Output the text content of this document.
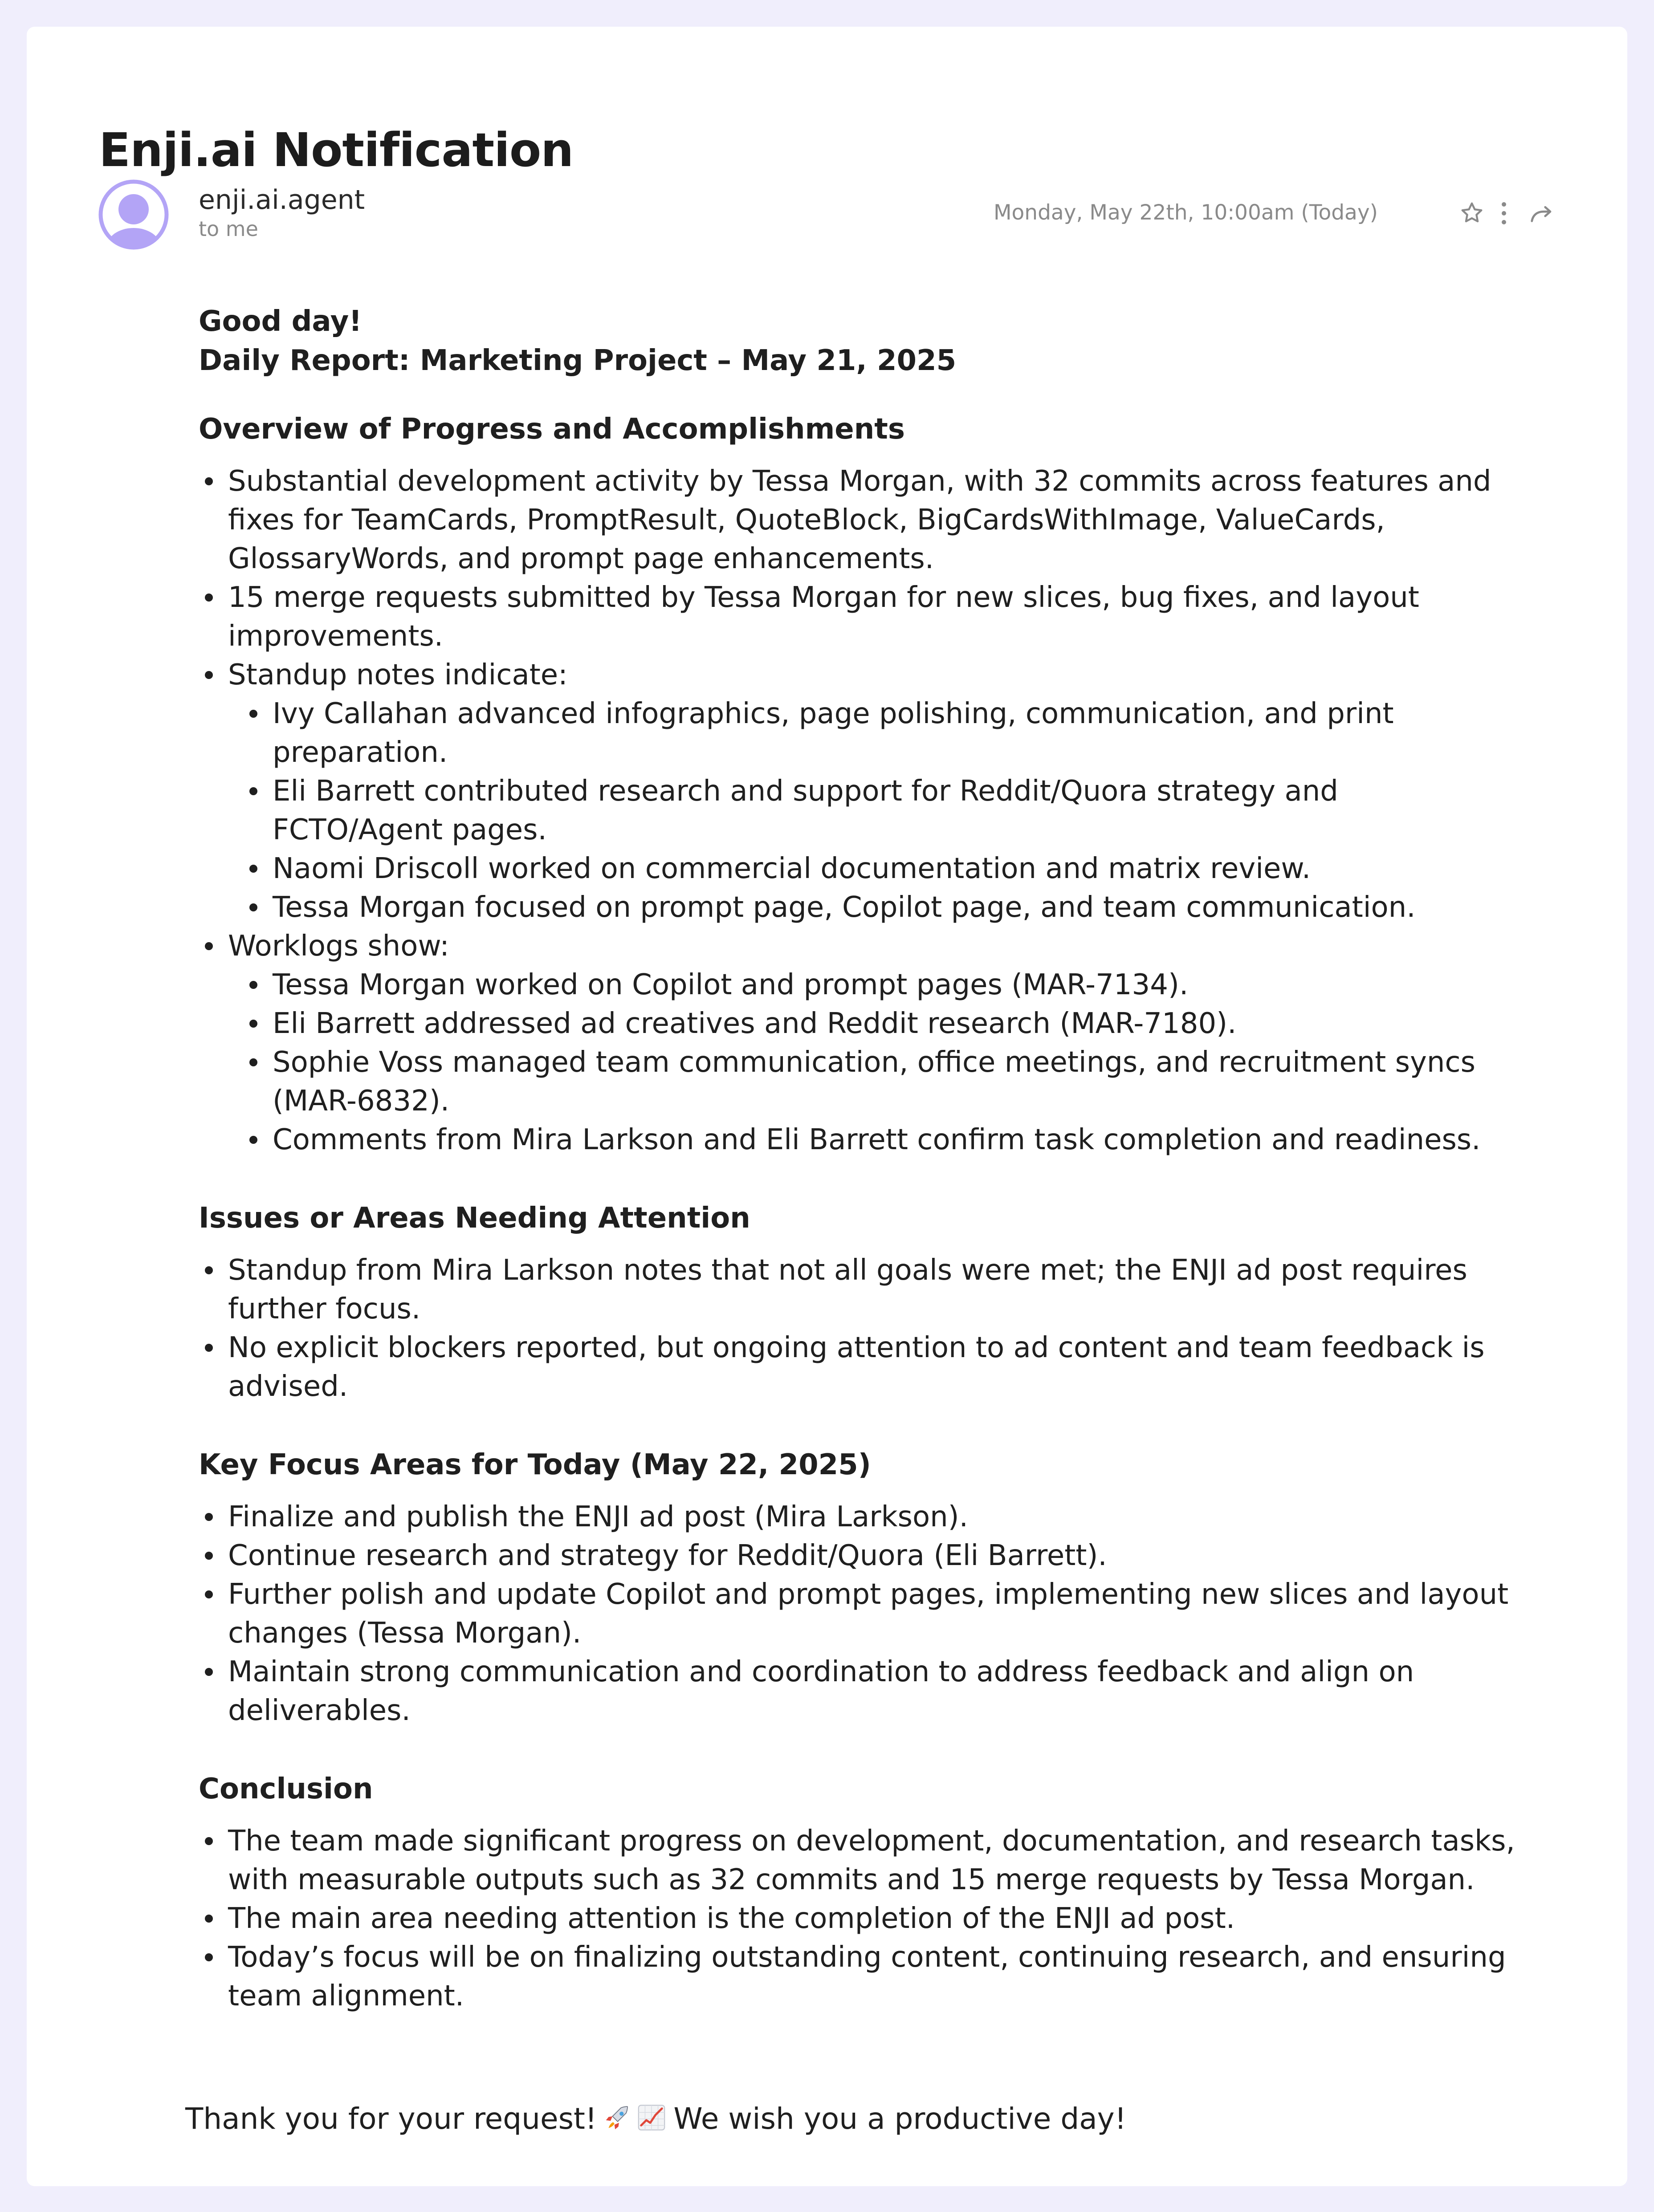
Enji.ai Notification
enji.ai.agent
to me
Monday, May 22th, 10:00am (Today)
Good day!
Daily Report: Marketing Project – May 21, 2025
Overview of Progress and Accomplishments
Substantial development activity by Tessa Morgan, with 32 commits across features and fixes for TeamCards, PromptResult, QuoteBlock, BigCardsWithImage, ValueCards, GlossaryWords, and prompt page enhancements.
15 merge requests submitted by Tessa Morgan for new slices, bug fixes, and layout improvements.
Standup notes indicate:
Ivy Callahan advanced infographics, page polishing, communication, and print preparation.
Eli Barrett contributed research and support for Reddit/Quora strategy and FCTO/Agent pages.
Naomi Driscoll worked on commercial documentation and matrix review.
Tessa Morgan focused on prompt page, Copilot page, and team communication.
Worklogs show:
Tessa Morgan worked on Copilot and prompt pages (MAR-7134).
Eli Barrett addressed ad creatives and Reddit research (MAR-7180).
Sophie Voss managed team communication, office meetings, and recruitment syncs (MAR-6832).
Comments from Mira Larkson and Eli Barrett confirm task completion and readiness.
Issues or Areas Needing Attention
Standup from Mira Larkson notes that not all goals were met; the ENJI ad post requires further focus.
No explicit blockers reported, but ongoing attention to ad content and team feedback is advised.
Key Focus Areas for Today (May 22, 2025)
Finalize and publish the ENJI ad post (Mira Larkson).
Continue research and strategy for Reddit/Quora (Eli Barrett).
Further polish and update Copilot and prompt pages, implementing new slices and layout changes (Tessa Morgan).
Maintain strong communication and coordination to address feedback and align on deliverables.
Conclusion
The team made significant progress on development, documentation, and research tasks, with measurable outputs such as 32 commits and 15 merge requests by Tessa Morgan.
The main area needing attention is the completion of the ENJI ad post.
Today’s focus will be on finalizing outstanding content, continuing research, and ensuring team alignment.
Thank you for your request!	We wish you a productive day!
